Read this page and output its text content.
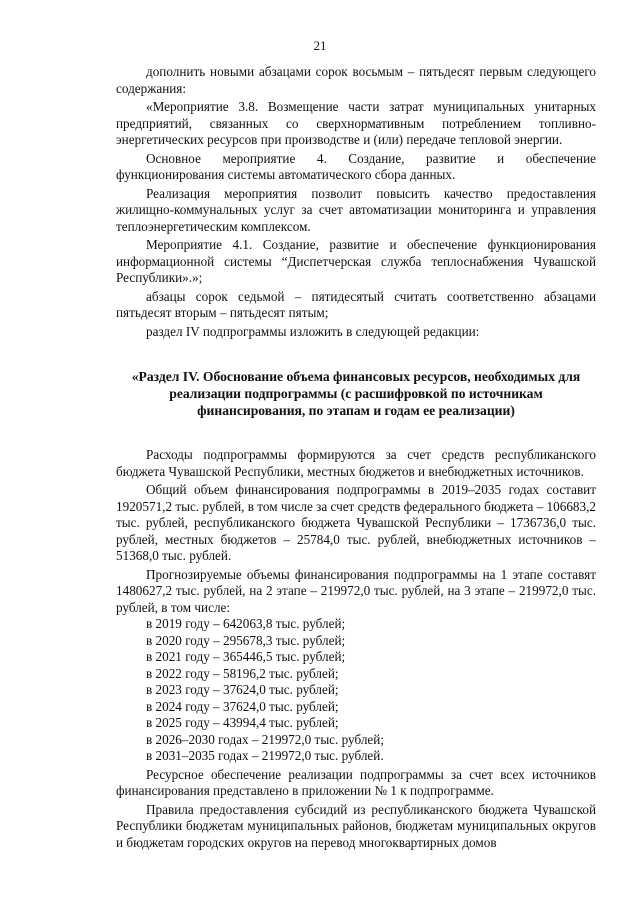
21

дополнить новыми абзацами сорок восьмым – пятьдесят первым следующего содержания:

«Мероприятие 3.8. Возмещение части затрат муниципальных унитарных предприятий, связанных со сверхнормативным потреблением топливно-энергетических ресурсов при производстве и (или) передаче тепловой энергии.

Основное мероприятие 4. Создание, развитие и обеспечение функционирования системы автоматического сбора данных.

Реализация мероприятия позволит повысить качество предоставления жилищно-коммунальных услуг за счет автоматизации мониторинга и управления теплоэнергетическим комплексом.

Мероприятие 4.1. Создание, развитие и обеспечение функционирования информационной системы “Диспетчерская служба теплоснабжения Чувашской Республики».»;

абзацы сорок седьмой – пятидесятый считать соответственно абзацами пятьдесят вторым – пятьдесят пятым;

раздел IV подпрограммы изложить в следующей редакции:

«Раздел IV. Обоснование объема финансовых ресурсов, необходимых для реализации подпрограммы (с расшифровкой по источникам финансирования, по этапам и годам ее реализации)

Расходы подпрограммы формируются за счет средств республиканского бюджета Чувашской Республики, местных бюджетов и внебюджетных источников.

Общий объем финансирования подпрограммы в 2019–2035 годах составит 1920571,2 тыс. рублей, в том числе за счет средств федерального бюджета – 106683,2 тыс. рублей, республиканского бюджета Чувашской Республики – 1736736,0 тыс. рублей, местных бюджетов – 25784,0 тыс. рублей, внебюджетных источников – 51368,0 тыс. рублей.

Прогнозируемые объемы финансирования подпрограммы на 1 этапе составят 1480627,2 тыс. рублей, на 2 этапе – 219972,0 тыс. рублей, на 3 этапе – 219972,0 тыс. рублей, в том числе:

в 2019 году – 642063,8 тыс. рублей;
в 2020 году – 295678,3 тыс. рублей;
в 2021 году – 365446,5 тыс. рублей;
в 2022 году – 58196,2 тыс. рублей;
в 2023 году – 37624,0 тыс. рублей;
в 2024 году – 37624,0 тыс. рублей;
в 2025 году – 43994,4 тыс. рублей;
в 2026–2030 годах – 219972,0 тыс. рублей;
в 2031–2035 годах – 219972,0 тыс. рублей.

Ресурсное обеспечение реализации подпрограммы за счет всех источников финансирования представлено в приложении № 1 к подпрограмме.

Правила предоставления субсидий из республиканского бюджета Чувашской Республики бюджетам муниципальных районов, бюджетам муниципальных округов и бюджетам городских округов на перевод многоквартирных домов
